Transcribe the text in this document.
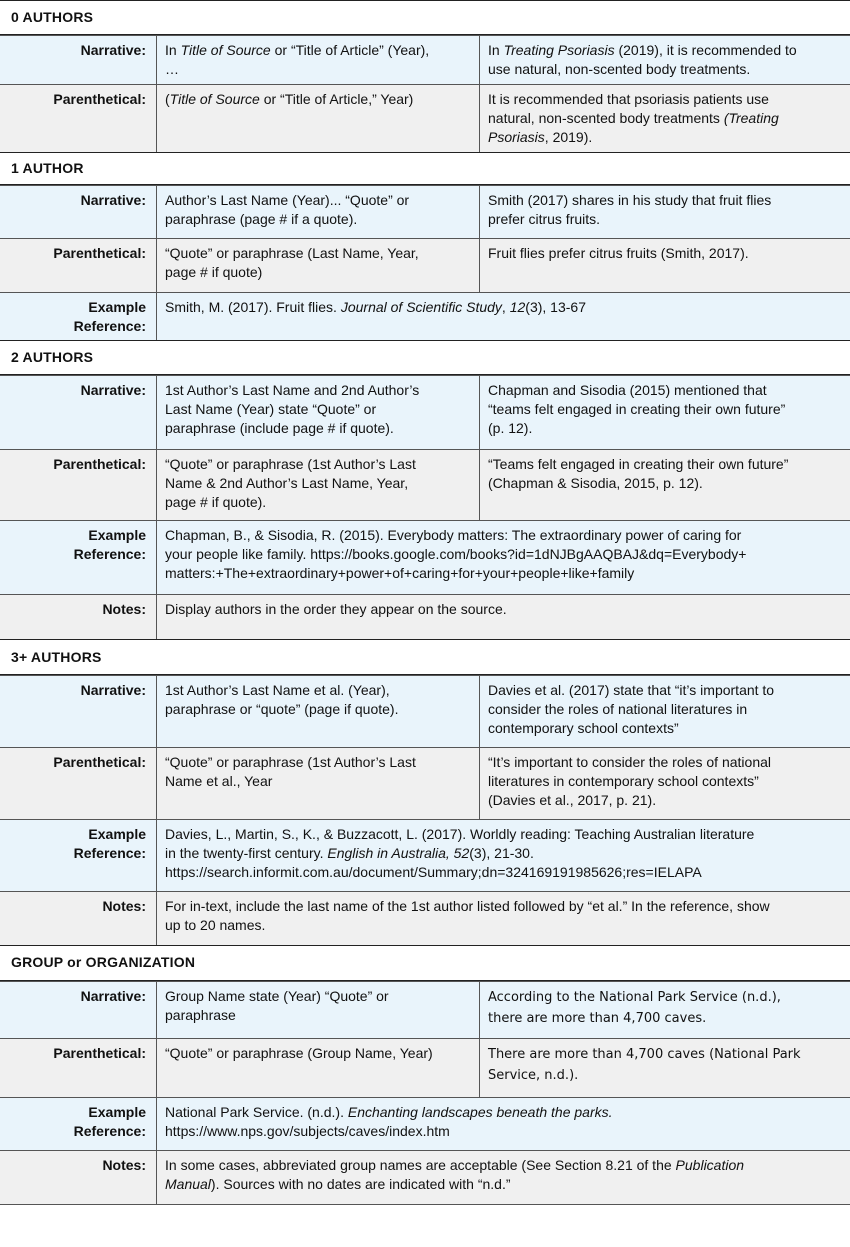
0 AUTHORS
Narrative: In Title of Source or “Title of Article” (Year),
…
In Treating Psoriasis (2019), it is recommended to
use natural, non-scented body treatments.
Parenthetical: (Title of Source or “Title of Article,” Year)	It is recommended that psoriasis patients use
natural, non-scented body treatments (Treating
Psoriasis, 2019).
1 AUTHOR
Narrative: Author’s Last Name (Year)... “Quote” or
paraphrase (page # if a quote).
Smith (2017) shares in his study that fruit flies
prefer citrus fruits.
Parenthetical: “Quote” or paraphrase (Last Name, Year,
page # if quote)
Fruit flies prefer citrus fruits (Smith, 2017).
Example
Reference:
Smith, M. (2017). Fruit flies. Journal of Scientific Study, 12(3), 13-67
2 AUTHORS
Narrative: 1st Author’s Last Name and 2nd Author’s
Last Name (Year) state “Quote” or
paraphrase (include page # if quote).
Chapman and Sisodia (2015) mentioned that
“teams felt engaged in creating their own future”
(p. 12).
Parenthetical: “Quote” or paraphrase (1st Author’s Last
Name & 2nd Author’s Last Name, Year,
page # if quote).
“Teams felt engaged in creating their own future”
(Chapman & Sisodia, 2015, p. 12).
Example
Reference:
Chapman, B., & Sisodia, R. (2015). Everybody matters: The extraordinary power of caring for
your people like family. https://books.google.com/books?id=1dNJBgAAQBAJ&dq=Everybody+
matters:+The+extraordinary+power+of+caring+for+your+people+like+family
Notes: Display authors in the order they appear on the source.
3+ AUTHORS
Narrative: 1st Author’s Last Name et al. (Year),
paraphrase or “quote” (page if quote).
Davies et al. (2017) state that “it’s important to
consider the roles of national literatures in
contemporary school contexts”
Parenthetical: “Quote” or paraphrase (1st Author’s Last
Name et al., Year
“It’s important to consider the roles of national
literatures in contemporary school contexts”
(Davies et al., 2017, p. 21).
Example
Reference:
Davies, L., Martin, S., K., & Buzzacott, L. (2017). Worldly reading: Teaching Australian literature
in the twenty-first century. English in Australia, 52(3), 21-30.
https://search.informit.com.au/document/Summary;dn=324169191985626;res=IELAPA
Notes: For in-text, include the last name of the 1st author listed followed by “et al.” In the reference, show
up to 20 names.
GROUP or ORGANIZATION
Narrative: Group Name state (Year) “Quote” or
paraphrase
According to the National Park Service (n.d.),
there are more than 4,700 caves.
Parenthetical: “Quote” or paraphrase (Group Name, Year)	There are more than 4,700 caves (National Park
Service, n.d.).
Example
Reference:
National Park Service. (n.d.). Enchanting landscapes beneath the parks.
https://www.nps.gov/subjects/caves/index.htm
Notes: In some cases, abbreviated group names are acceptable (See Section 8.21 of the Publication
Manual). Sources with no dates are indicated with “n.d.”
